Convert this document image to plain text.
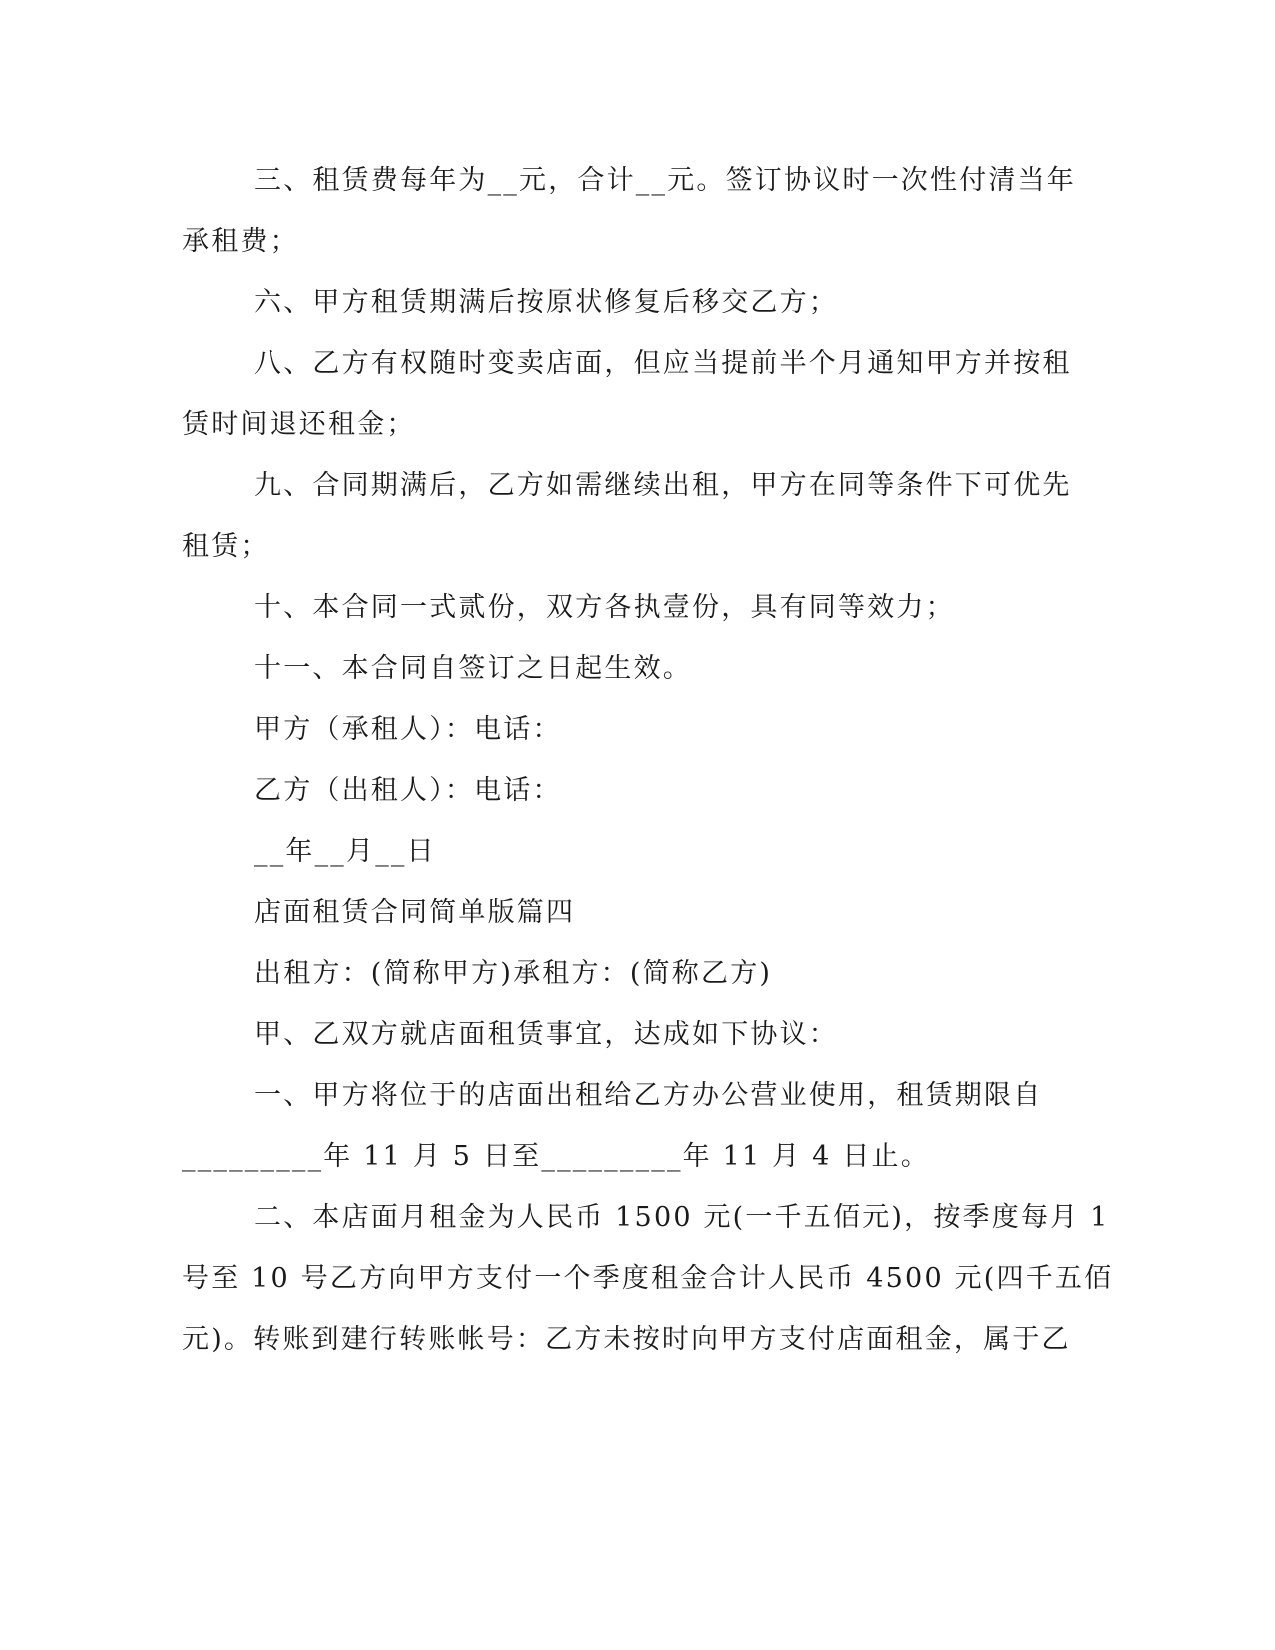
三、租赁费每年为__元，合计__元。签订协议时一次性付清当年

承租费；

六、甲方租赁期满后按原状修复后移交乙方；

八、乙方有权随时变卖店面，但应当提前半个月通知甲方并按租

赁时间退还租金；

九、合同期满后，乙方如需继续出租，甲方在同等条件下可优先

租赁；

十、本合同一式贰份，双方各执壹份，具有同等效力；

十一、本合同自签订之日起生效。

甲方（承租人）：电话：

乙方（出租人）：电话：

__年__月__日

店面租赁合同简单版篇四

出租方：(简称甲方)承租方：(简称乙方)

甲、乙双方就店面租赁事宜，达成如下协议：

一、甲方将位于的店面出租给乙方办公营业使用，租赁期限自

_________年 11 月 5 日至_________年 11 月 4 日止。

二、本店面月租金为人民币 1500 元(一千五佰元)，按季度每月 1

号至 10 号乙方向甲方支付一个季度租金合计人民币 4500 元(四千五佰

元)。转账到建行转账帐号：乙方未按时向甲方支付店面租金，属于乙
